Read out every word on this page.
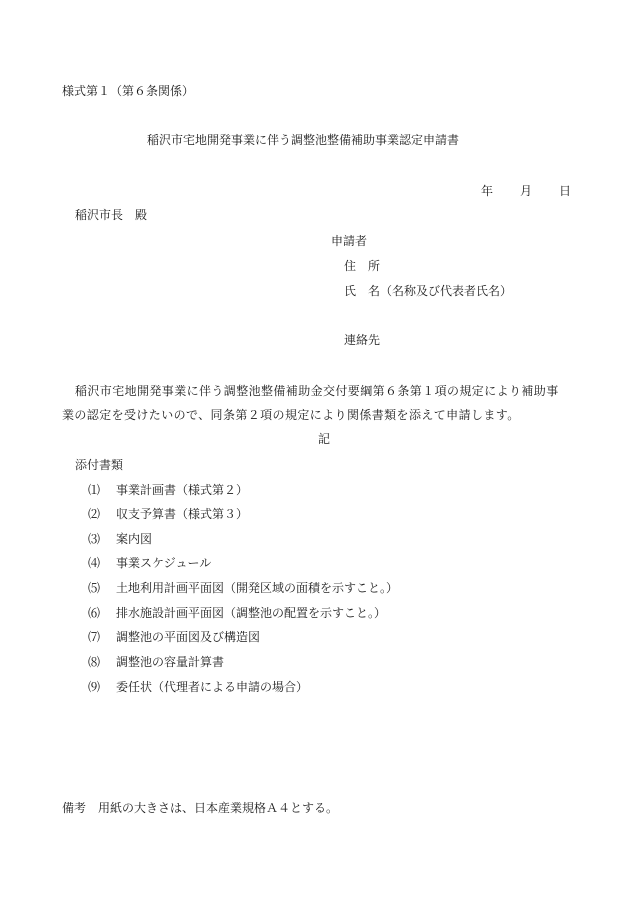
様式第１（第６条関係）
稲沢市宅地開発事業に伴う調整池整備補助事業認定申請書
年 月 日
稲沢市長　殿
申請者
住　所
氏　名（名称及び代表者氏名）
連絡先
稲沢市宅地開発事業に伴う調整池整備補助金交付要綱第６条第１項の規定により補助事
業の認定を受けたいので、同条第２項の規定により関係書類を添えて申請します。
記
添付書類
⑴ 事業計画書（様式第２）
⑵ 収支予算書（様式第３）
⑶ 案内図
⑷ 事業スケジュール
⑸ 土地利用計画平面図（開発区域の面積を示すこと。）
⑹ 排水施設計画平面図（調整池の配置を示すこと。）
⑺ 調整池の平面図及び構造図
⑻ 調整池の容量計算書
⑼ 委任状（代理者による申請の場合）
備考　用紙の大きさは、日本産業規格Ａ４とする。
